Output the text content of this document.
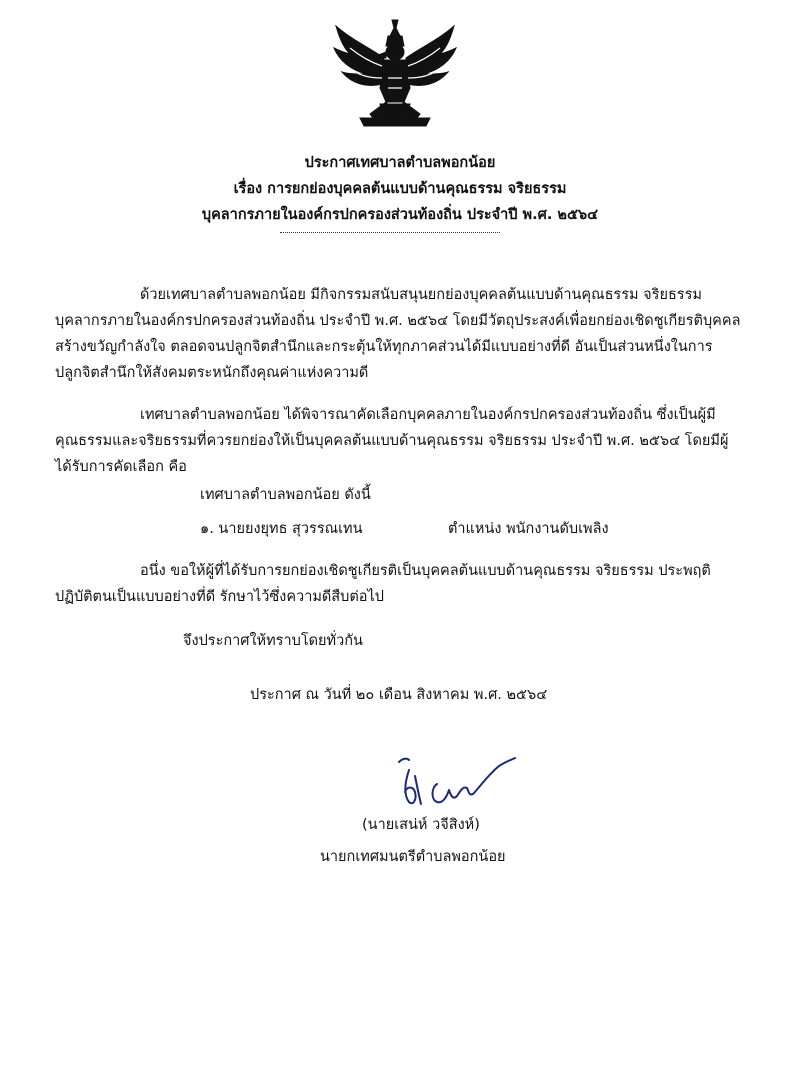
ประกาศเทศบาลตำบลพอกน้อย
เรื่อง การยกย่องบุคคลต้นแบบด้านคุณธรรม จริยธรรม
บุคลากรภายในองค์กรปกครองส่วนท้องถิ่น ประจำปี พ.ศ. ๒๕๖๔
ด้วยเทศบาลตำบลพอกน้อย มีกิจกรรมสนับสนุนยกย่องบุคคลต้นแบบด้านคุณธรรม จริยธรรม บุคลากรภายในองค์กรปกครองส่วนท้องถิ่น ประจำปี พ.ศ. ๒๕๖๔ โดยมีวัตถุประสงค์เพื่อยกย่องเชิดชูเกียรติบุคคล สร้างขวัญกำลังใจ ตลอดจนปลูกจิตสำนึกและกระตุ้นให้ทุกภาคส่วนได้มีแบบอย่างที่ดี อันเป็นส่วนหนึ่งในการปลูกจิตสำนึกให้สังคมตระหนักถึงคุณค่าแห่งความดี
เทศบาลตำบลพอกน้อย ได้พิจารณาคัดเลือกบุคคลภายในองค์กรปกครองส่วนท้องถิ่น ซึ่งเป็นผู้มีคุณธรรมและจริยธรรมที่ควรยกย่องให้เป็นบุคคลต้นแบบด้านคุณธรรม จริยธรรม ประจำปี พ.ศ. ๒๕๖๔ โดยมีผู้ได้รับการคัดเลือก คือ
เทศบาลตำบลพอกน้อย ดังนี้
๑. นายยงยุทธ สุวรรณเทน	ตำแหน่ง พนักงานดับเพลิง
อนึ่ง ขอให้ผู้ที่ได้รับการยกย่องเชิดชูเกียรติเป็นบุคคลต้นแบบด้านคุณธรรม จริยธรรม ประพฤติปฏิบัติตนเป็นแบบอย่างที่ดี รักษาไว้ซึ่งความดีสืบต่อไป
จึงประกาศให้ทราบโดยทั่วกัน
ประกาศ ณ วันที่ ๒๐ เดือน สิงหาคม พ.ศ. ๒๕๖๔
(นายเสน่ห์ วจีสิงห์)
นายกเทศมนตรีตำบลพอกน้อย
